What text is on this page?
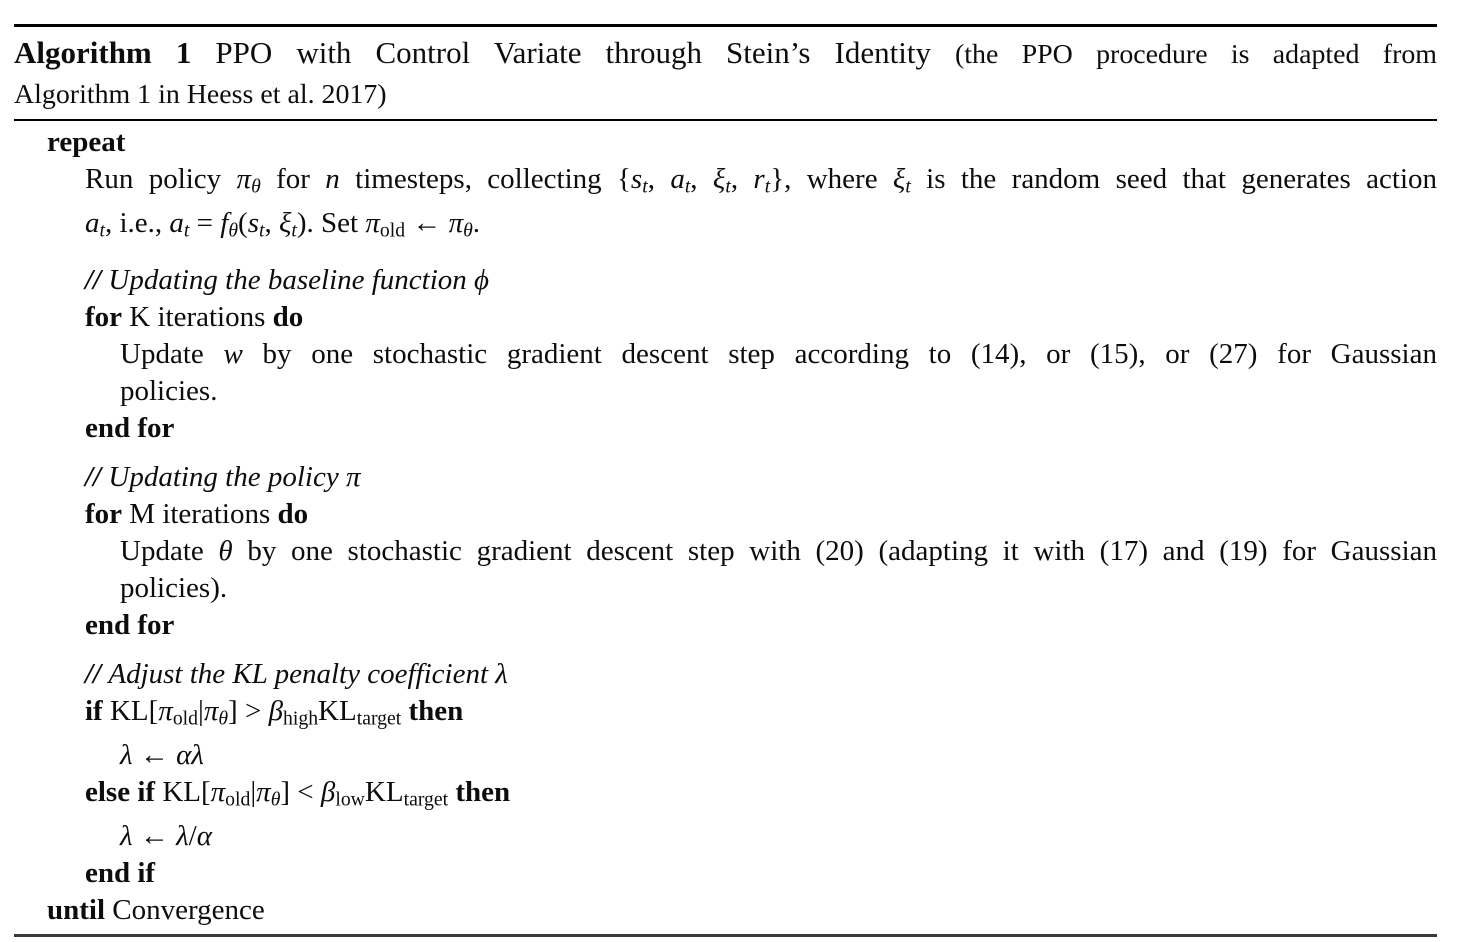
Algorithm 1 PPO with Control Variate through Stein’s Identity (the PPO procedure is adapted from
Algorithm 1 in Heess et al. 2017)
repeat
Run policy πθ for n timesteps, collecting {st, at, ξt, rt}, where ξt is the random seed that generates action
at, i.e., at = fθ(st, ξt). Set $\pi_{old}$ ← πθ.
// Updating the baseline function ϕ
for K iterations do
Update w by one stochastic gradient descent step according to (14), or (15), or (27) for Gaussian
policies.
end for
// Updating the policy π
for M iterations do
Update θ by one stochastic gradient descent step with (20) (adapting it with (17) and (19) for Gaussian
policies).
end for
// Adjust the KL penalty coefficient λ
if $KL[\pi_{old}|\pi\theta] > \beta_{high}KL_{target}$ then
λ ← αλ
else if $KL[\pi_{old}|\pi\theta] < \beta_{low}KL_{target}$ then
λ ← λ/α
end if
until Convergence
